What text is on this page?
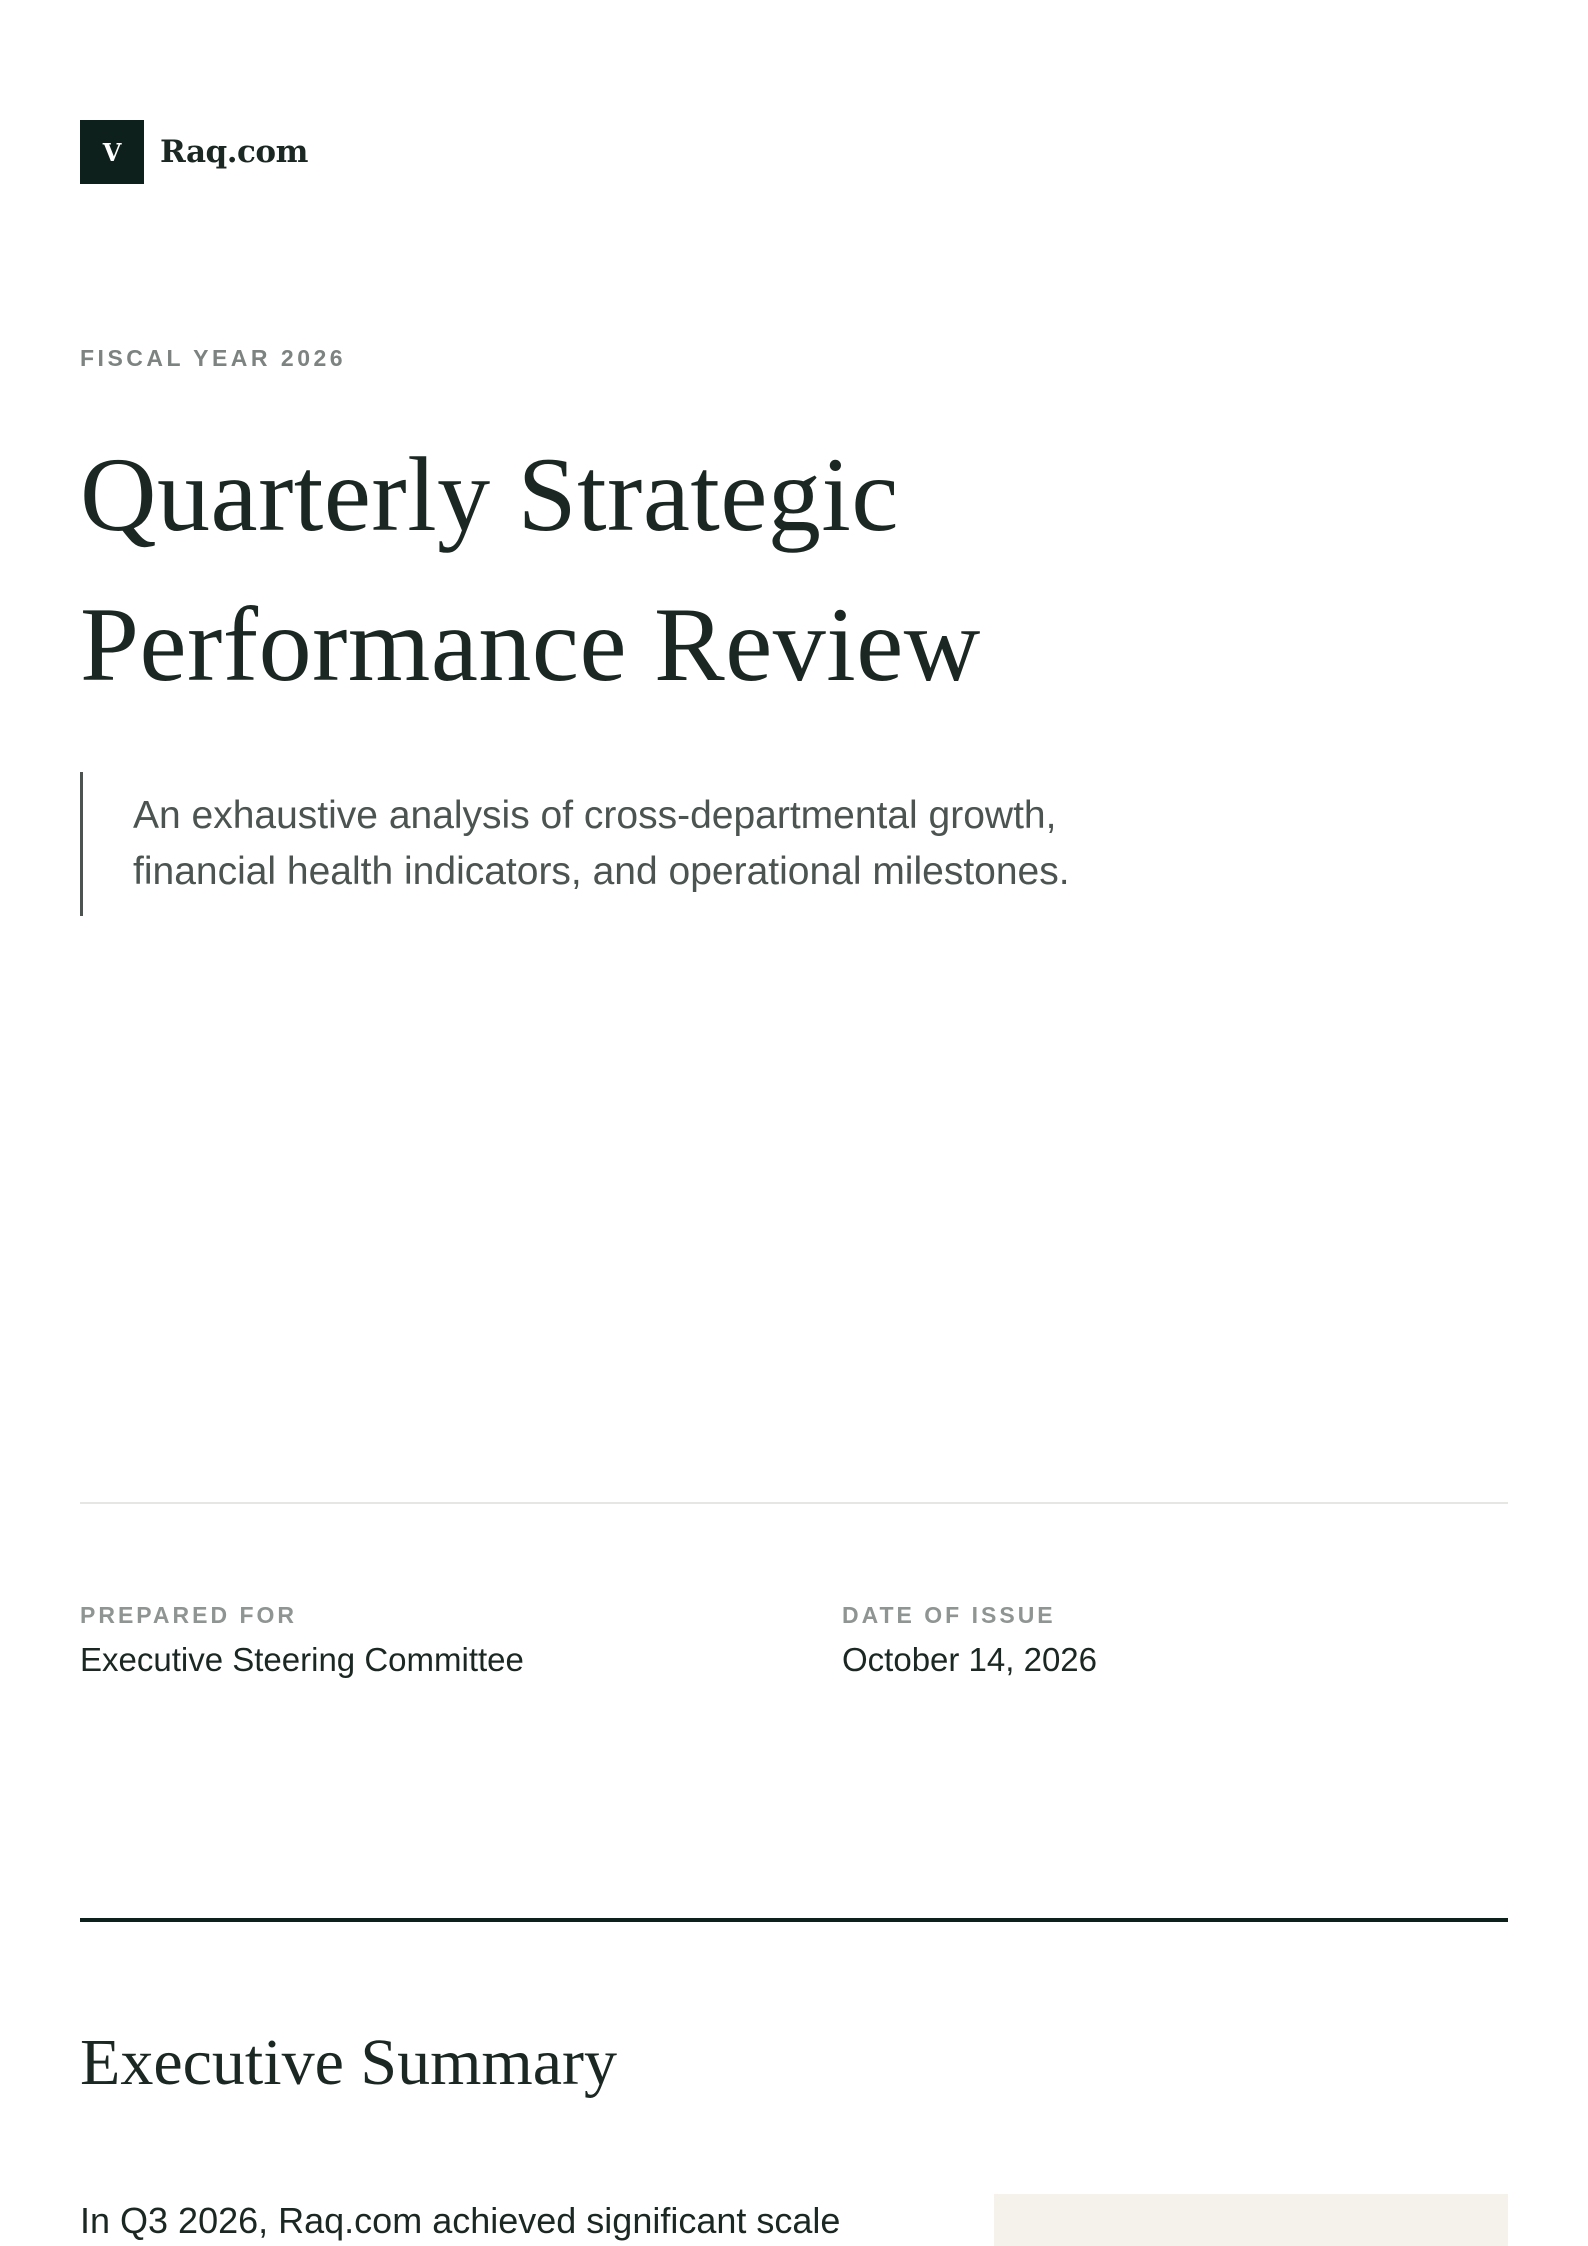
V	Raq.com
FISCAL YEAR 2026
Quarterly Strategic
Performance Review
An exhaustive analysis of cross-departmental growth,
financial health indicators, and operational milestones.
PREPARED FOR
Executive Steering Committee
DATE OF ISSUE
October 14, 2026
Executive Summary
In Q3 2026, Raq.com achieved significant scale
